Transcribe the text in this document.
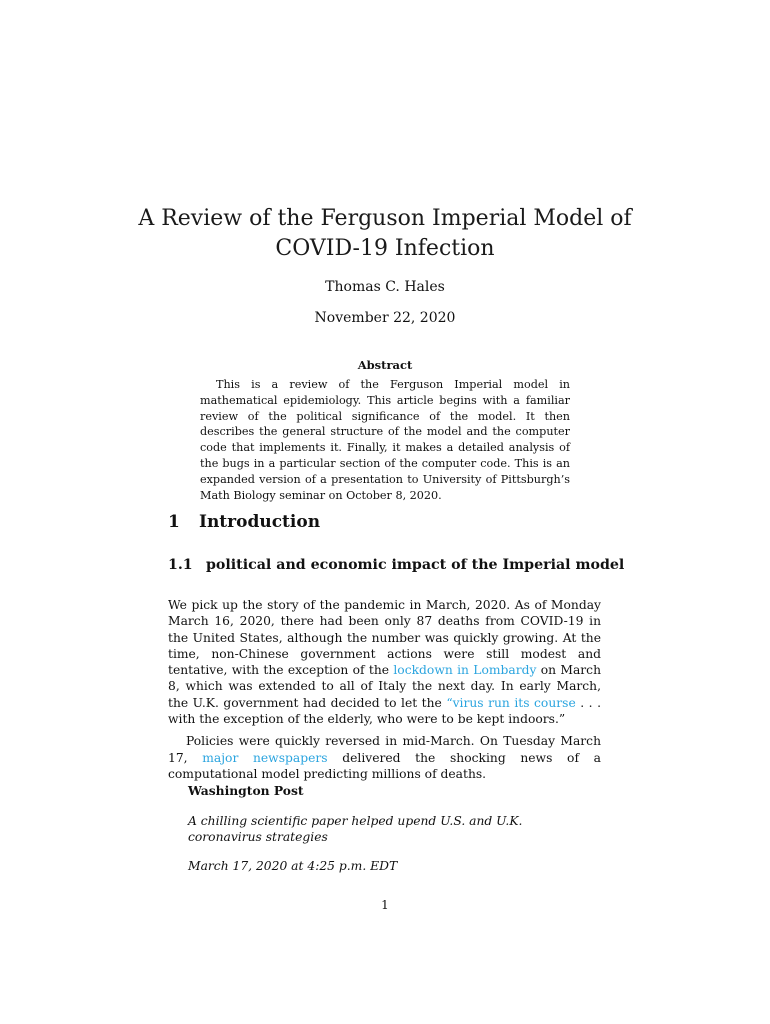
A Review of the Ferguson Imperial Model of
COVID-19 Infection
Thomas C. Hales
November 22, 2020
Abstract

This is a review of the Ferguson Imperial model in mathematical epidemiology. This article begins with a familiar review of the political significance of the model. It then describes the general structure of the model and the computer code that implements it. Finally, it makes a detailed analysis of the bugs in a particular section of the computer code. This is an expanded version of a presentation to University of Pittsburgh’s Math Biology seminar on October 8, 2020.

1 Introduction
1.1 political and economic impact of the Imperial model

We pick up the story of the pandemic in March, 2020. As of Monday March 16, 2020, there had been only 87 deaths from COVID-19 in the United States, although the number was quickly growing. At the time, non-Chinese government actions were still modest and tentative, with the exception of the lockdown in Lombardy on March 8, which was extended to all of Italy the next day. In early March, the U.K. government had decided to let the “virus run its course . . . with the exception of the elderly, who were to be kept indoors.”

Policies were quickly reversed in mid-March. On Tuesday March 17, major newspapers delivered the shocking news of a computational model predicting millions of deaths.

Washington Post
A chilling scientific paper helped upend U.S. and U.K. coronavirus strategies
March 17, 2020 at 4:25 p.m. EDT
1
